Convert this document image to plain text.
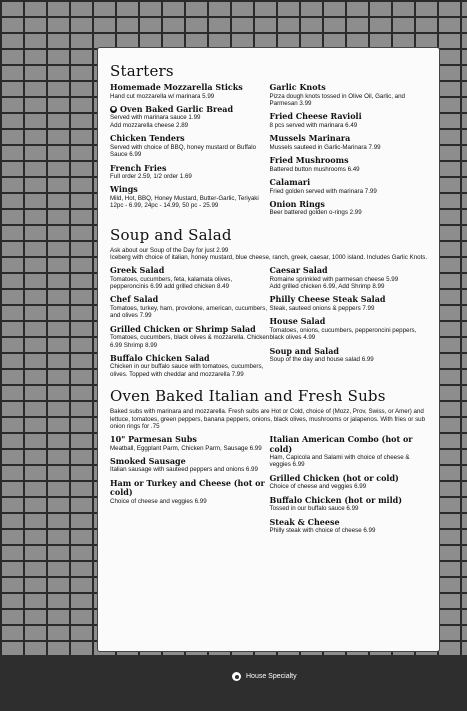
Starters
Homemade Mozzarella Sticks
Hand cut mozzarella w/ marinara 5.99
● Oven Baked Garlic Bread
Served with marinara sauce 1.99
Add mozzarella cheese 2.89
Chicken Tenders
Served with choice of BBQ, honey mustard or Buffalo Sauce 6.99
French Fries
Full order 2.59, 1/2 order 1.69
Wings
Mild, Hot, BBQ, Honey Mustard, Butter-Garlic, Teriyaki
12pc - 6.99, 24pc - 14.99, 50 pc - 25.99
Garlic Knots
Pizza dough knots tossed in Olive Oil, Garlic, and Parmesan 3.99
Fried Cheese Ravioli
8 pcs served with marinara 6.49
Mussels Marinara
Mussels sauteed in Garlic-Marinara 7.99
Fried Mushrooms
Battered button mushrooms 6.49
Calamari
Fried golden served with marinara 7.99
Onion Rings
Beer battered golden o-rings 2.99
Soup and Salad
Ask about our Soup of the Day for just 2.99
Iceberg with choice of italian, honey mustard, blue cheese, ranch, greek, caesar, 1000 island. Includes Garlic Knots.
Greek Salad
Tomatoes, cucumbers, feta, kalamata olives, pepperoncinis 6.99 add grilled chicken 8.49
Chef Salad
Tomatoes, turkey, ham, provolone, american, cucumbers, and olives 7.99
Grilled Chicken or Shrimp Salad
Tomatoes, cucumbers, black olives & mozzarella. Chicken 6.99 Shrimp 8.99
Buffalo Chicken Salad
Chicken in our buffalo sauce with tomatoes, cucumbers, olives. Topped with cheddar and mozzarella 7.99
Caesar Salad
Romaine sprinkled with parmesan cheese 5.99
Add grilled chicken 6.99, Add Shrimp 8.99
Philly Cheese Steak Salad
Steak, sauteed onions & peppers 7.99
House Salad
Tomatoes, onions, cucumbers, pepperoncini peppers, black olives 4.99
Soup and Salad
Soup of the day and house salad 6.99
Oven Baked Italian and Fresh Subs
Baked subs with marinara and mozzarella. Fresh subs are Hot or Cold, choice of (Mozz, Prov, Swiss, or Amer) and lettuce, tomatoes, green peppers, banana peppers, onions, black olives, mushrooms or jalapenos. With fries or sub onion rings for .75
10" Parmesan Subs
Meatball, Eggplant Parm, Chicken Parm, Sausage 6.99
Smoked Sausage
Italian sausage with sauteed peppers and onions 6.99
Ham or Turkey and Cheese (hot or cold)
Choice of cheese and veggies 6.99
Italian American Combo (hot or cold)
Ham, Capicola and Salami with choice of cheese & veggies 6.99
Grilled Chicken (hot or cold)
Choice of cheese and veggies 6.99
Buffalo Chicken (hot or mild)
Tossed in our buffalo sauce 6.99
Steak & Cheese
Philly steak with choice of cheese 6.99
House Specialty
